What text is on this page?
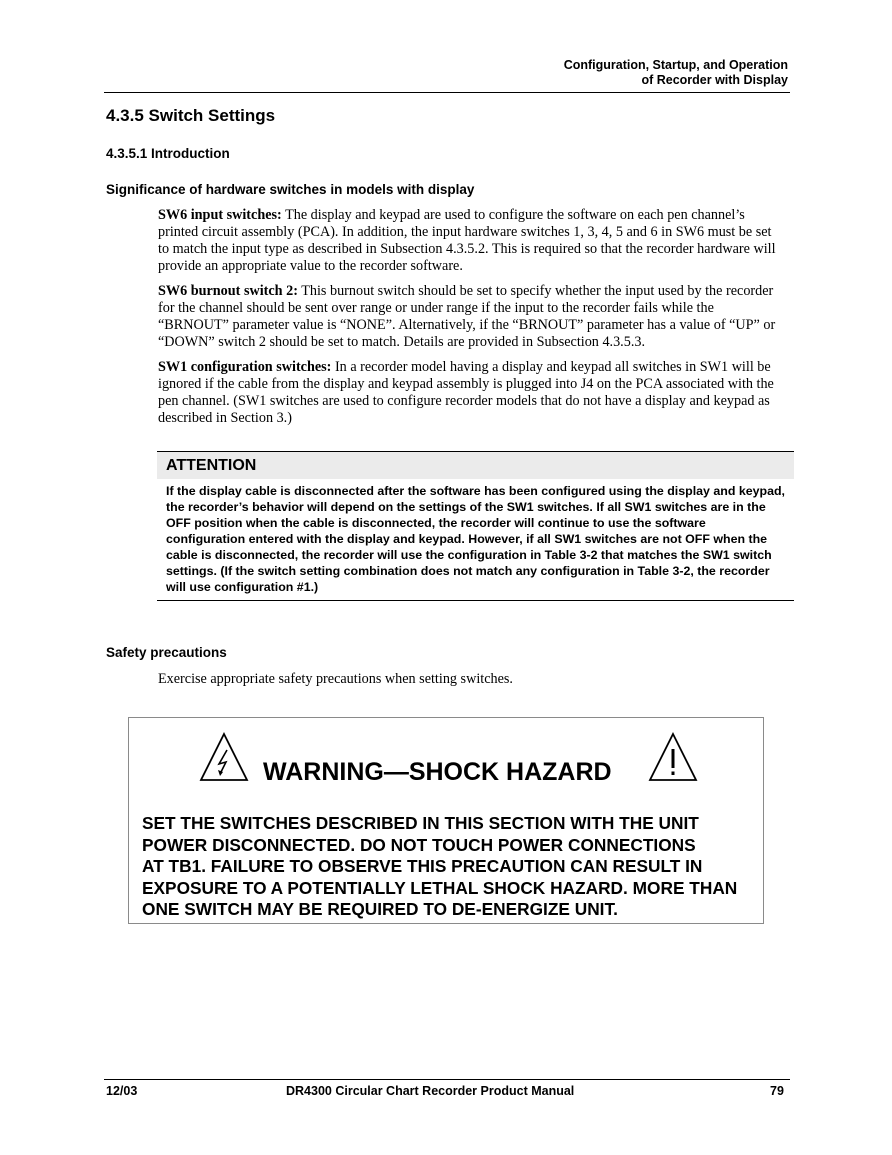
Configuration, Startup, and Operation
of Recorder with Display
4.3.5 Switch Settings
4.3.5.1 Introduction
Significance of hardware switches in models with display

SW6 input switches: The display and keypad are used to configure the software on each pen channel’s printed circuit assembly (PCA). In addition, the input hardware switches 1, 3, 4, 5 and 6 in SW6 must be set to match the input type as described in Subsection 4.3.5.2. This is required so that the recorder hardware will provide an appropriate value to the recorder software.

SW6 burnout switch 2: This burnout switch should be set to specify whether the input used by the recorder for the channel should be sent over range or under range if the input to the recorder fails while the “BRNOUT” parameter value is “NONE”. Alternatively, if the “BRNOUT” parameter has a value of “UP” or “DOWN” switch 2 should be set to match. Details are provided in Subsection 4.3.5.3.

SW1 configuration switches: In a recorder model having a display and keypad all switches in SW1 will be ignored if the cable from the display and keypad assembly is plugged into J4 on the PCA associated with the pen channel. (SW1 switches are used to configure recorder models that do not have a display and keypad as described in Section 3.)

ATTENTION
If the display cable is disconnected after the software has been configured using the display and keypad, the recorder’s behavior will depend on the settings of the SW1 switches. If all SW1 switches are in the OFF position when the cable is disconnected, the recorder will continue to use the software configuration entered with the display and keypad. However, if all SW1 switches are not OFF when the cable is disconnected, the recorder will use the configuration in Table 3-2 that matches the SW1 switch settings. (If the switch setting combination does not match any configuration in Table 3-2, the recorder will use configuration #1.)
Safety precautions
Exercise appropriate safety precautions when setting switches.
WARNING—SHOCK HAZARD
SET THE SWITCHES DESCRIBED IN THIS SECTION WITH THE UNIT
POWER DISCONNECTED. DO NOT TOUCH POWER CONNECTIONS
AT TB1. FAILURE TO OBSERVE THIS PRECAUTION CAN RESULT IN
EXPOSURE TO A POTENTIALLY LETHAL SHOCK HAZARD. MORE THAN
ONE SWITCH MAY BE REQUIRED TO DE-ENERGIZE UNIT.
12/03	DR4300 Circular Chart Recorder Product Manual	79
